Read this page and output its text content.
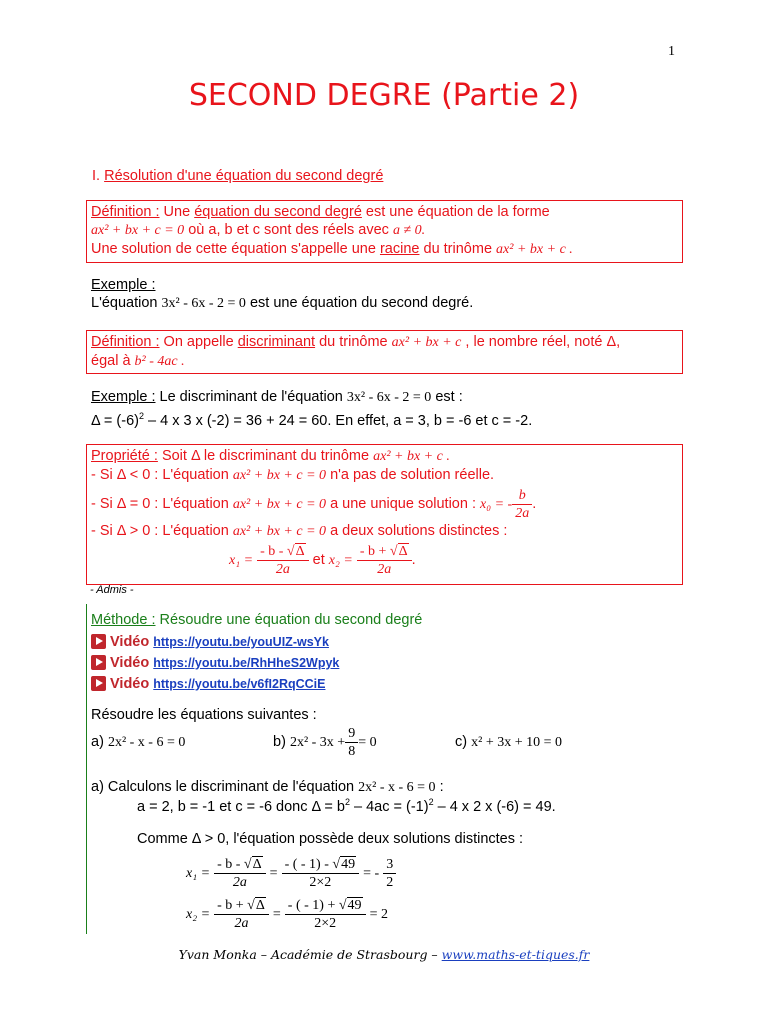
1
SECOND DEGRE (Partie 2)
I. Résolution d'une équation du second degré
Définition : Une équation du second degré est une équation de la forme
ax² + bx + c = 0 où a, b et c sont des réels avec a ≠ 0.
Une solution de cette équation s'appelle une racine du trinôme ax² + bx + c .
Exemple :
L'équation 3x² - 6x - 2 = 0 est une équation du second degré.
Définition : On appelle discriminant du trinôme ax² + bx + c , le nombre réel, noté Δ,
égal à b² - 4ac .
Exemple : Le discriminant de l'équation 3x² - 6x - 2 = 0 est :
$\Delta = (-6)^2 - 4$ x 3 x (-2) = 36 + 24 = 60. En effet, a = 3, b = -6 et c = -2.
Propriété : Soit Δ le discriminant du trinôme ax² + bx + c .
- Si Δ < 0 : L'équation ax² + bx + c = 0 n'a pas de solution réelle.
- Si Δ = 0 : L'équation ax² + bx + c = 0 a une unique solution : x₀ = - $\frac{b}{2a}$ .
- Si Δ > 0 : L'équation ax² + bx + c = 0 a deux solutions distinctes :
$x_1 = \frac{- b - √\Delta}{2a}$ et $x_2 = \frac{- b + √\Delta}{2a}$ .
- Admis -
Méthode : Résoudre une équation du second degré
Vidéo https://youtu.be/youUIZ-wsYk
Vidéo https://youtu.be/RhHheS2Wpyk
Vidéo https://youtu.be/v6fI2RqCCiE
Résoudre les équations suivantes :
a) 2x² - x - 6 = 0	b) $2x^2 - 3x + \frac{9}{8} = 0$	c) x² + 3x + 10 = 0
a) Calculons le discriminant de l'équation 2x² - x - 6 = 0 :
a = 2, b = -1 et c = -6 donc $\Delta = b^2 - 4ac = (-1)^2 - 4$ x 2 x (-6) = 49.
Comme Δ > 0, l'équation possède deux solutions distinctes :
$x_1 = \frac{- b - √\Delta}{2a} = \frac{- ( - 1) - √49}{2\times 2}$ = - $\frac{3}{2}$
$x_2 = \frac{- b + √\Delta}{2a} = \frac{- ( - 1) + √49}{2\times 2} = 2$
Yvan Monka – Académie de Strasbourg – www.maths-et-tiques.fr
